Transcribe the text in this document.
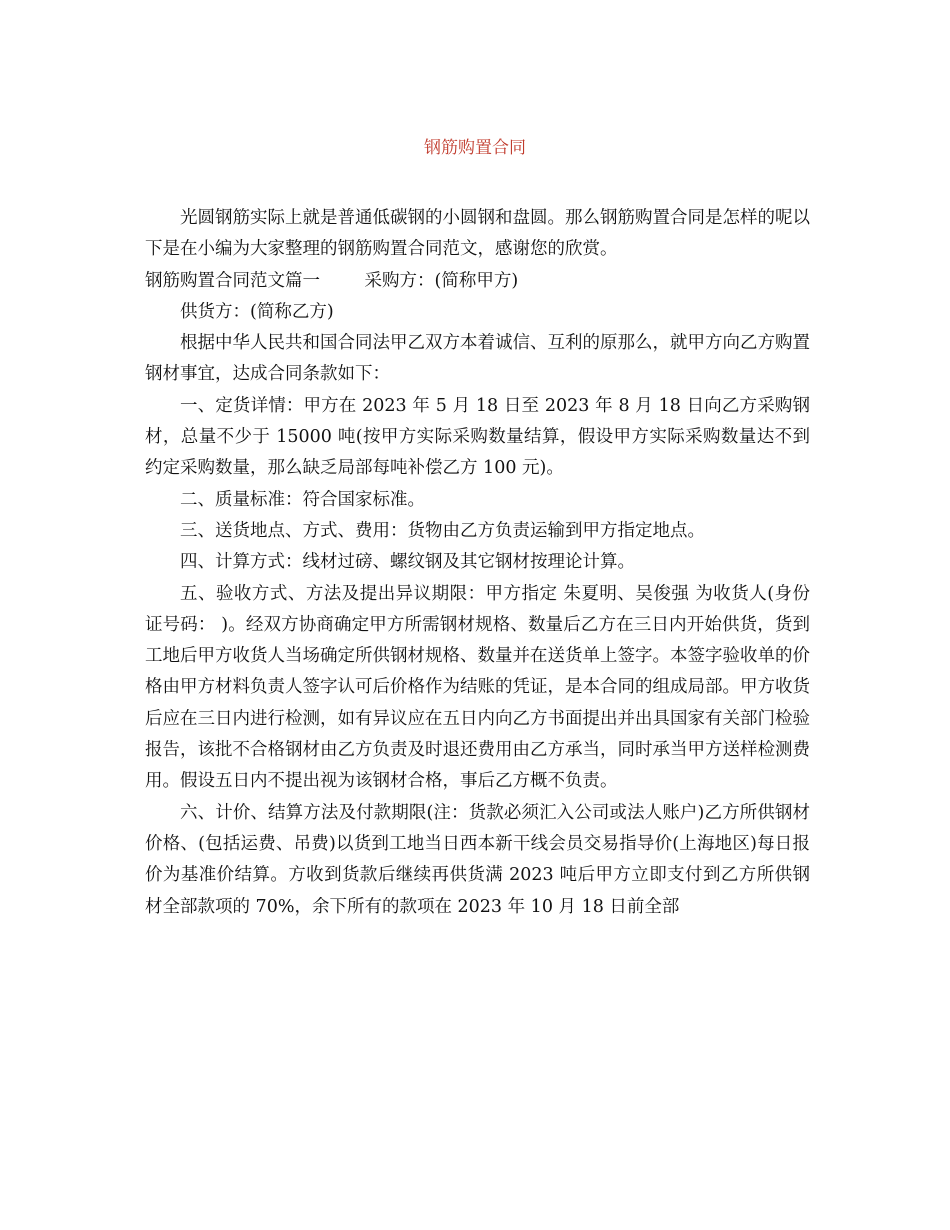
钢筋购置合同

光圆钢筋实际上就是普通低碳钢的小圆钢和盘圆。那么钢筋购置合同是怎样的呢以下是在小编为大家整理的钢筋购置合同范文，感谢您的欣赏。

钢筋购置合同范文篇一        采购方：(简称甲方)

供货方：(简称乙方)

根据中华人民共和国合同法甲乙双方本着诚信、互利的原那么，就甲方向乙方购置钢材事宜，达成合同条款如下：

一、定货详情：甲方在 2023 年 5 月 18 日至 2023 年 8 月 18 日向乙方采购钢材，总量不少于 15000 吨(按甲方实际采购数量结算，假设甲方实际采购数量达不到约定采购数量，那么缺乏局部每吨补偿乙方 100 元)。

二、质量标准：符合国家标准。

三、送货地点、方式、费用：货物由乙方负责运输到甲方指定地点。

四、计算方式：线材过磅、螺纹钢及其它钢材按理论计算。

五、验收方式、方法及提出异议期限：甲方指定 朱夏明、吴俊强 为收货人(身份证号码： )。经双方协商确定甲方所需钢材规格、数量后乙方在三日内开始供货，货到工地后甲方收货人当场确定所供钢材规格、数量并在送货单上签字。本签字验收单的价格由甲方材料负责人签字认可后价格作为结账的凭证，是本合同的组成局部。甲方收货后应在三日内进行检测，如有异议应在五日内向乙方书面提出并出具国家有关部门检验报告，该批不合格钢材由乙方负责及时退还费用由乙方承当，同时承当甲方送样检测费用。假设五日内不提出视为该钢材合格，事后乙方概不负责。

六、计价、结算方法及付款期限(注：货款必须汇入公司或法人账户)乙方所供钢材价格、(包括运费、吊费)以货到工地当日西本新干线会员交易指导价(上海地区)每日报价为基准价结算。方收到货款后继续再供货满 2023 吨后甲方立即支付到乙方所供钢材全部款项的 70%，余下所有的款项在 2023 年 10 月 18 日前全部
